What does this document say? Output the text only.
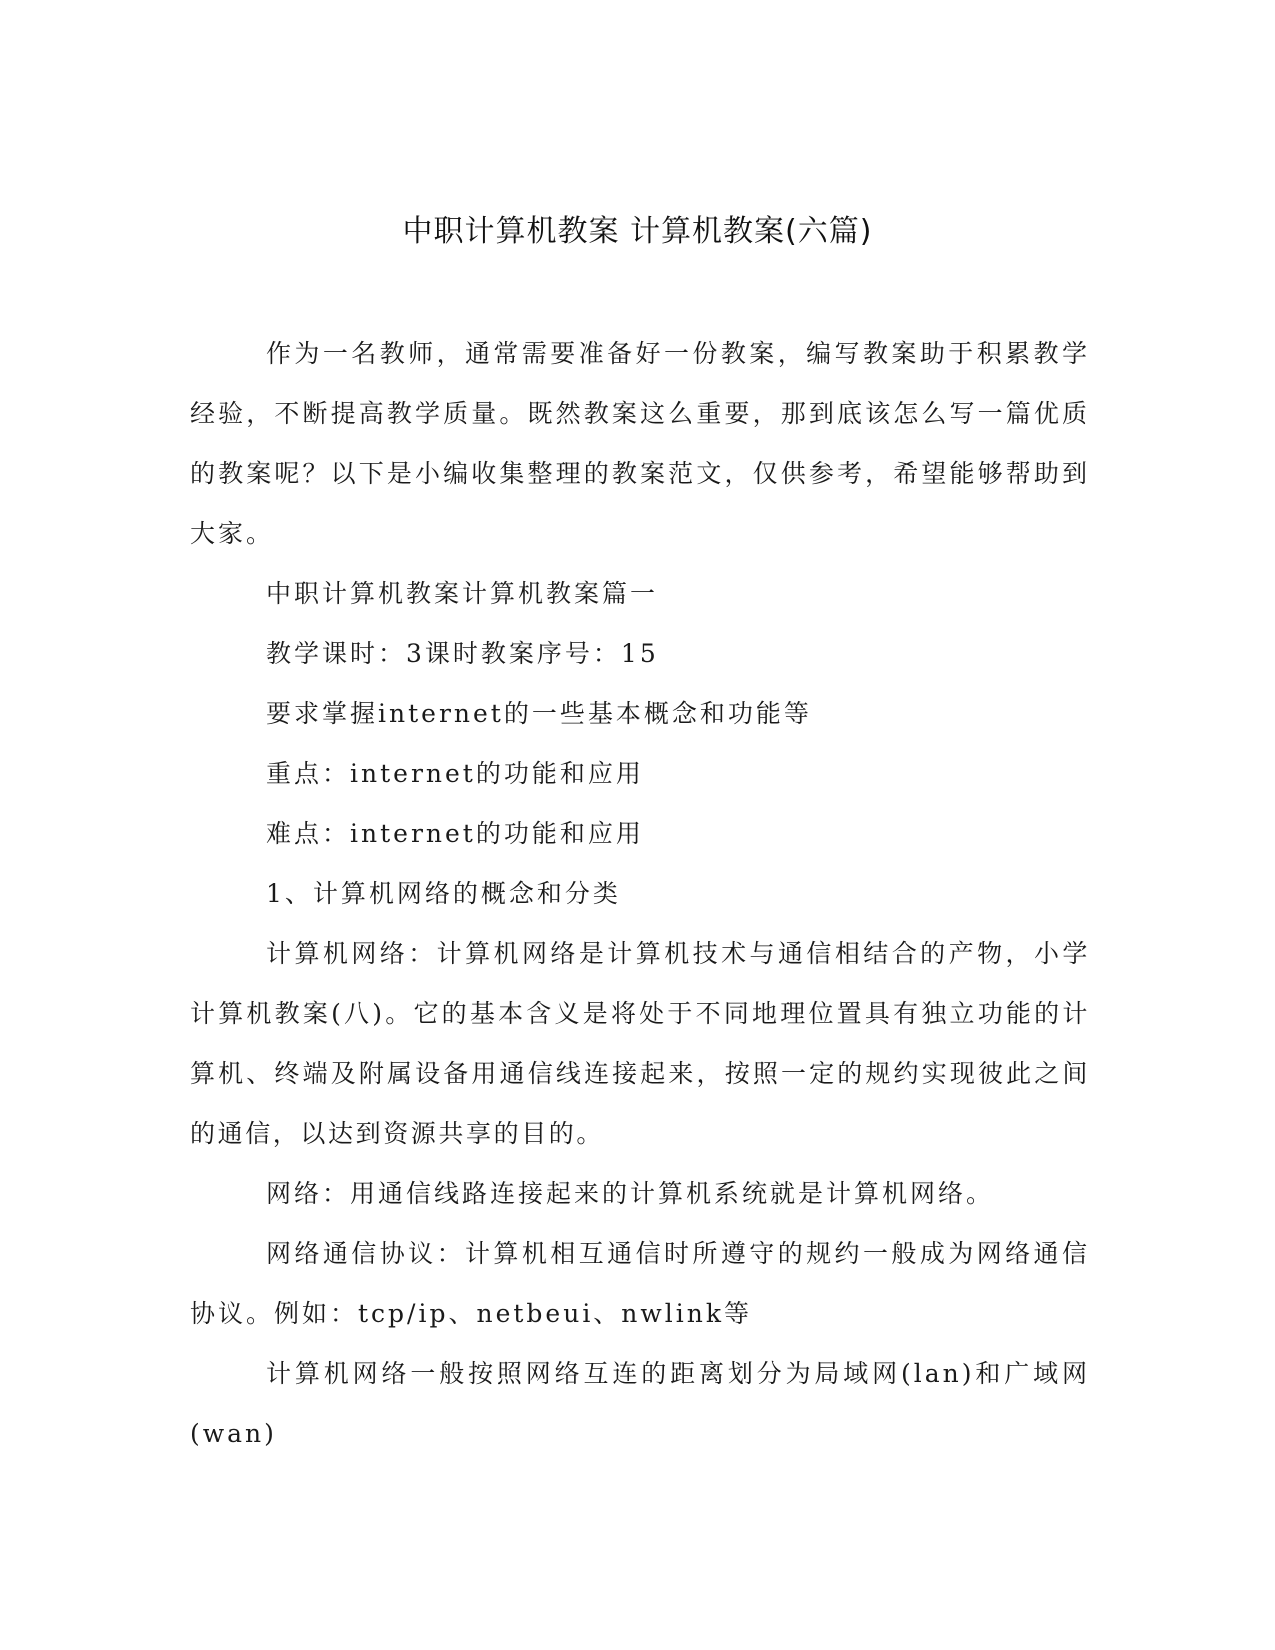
中职计算机教案 计算机教案(六篇)

作为一名教师，通常需要准备好一份教案，编写教案助于积累教学经验，不断提高教学质量。既然教案这么重要，那到底该怎么写一篇优质的教案呢？以下是小编收集整理的教案范文，仅供参考，希望能够帮助到大家。

中职计算机教案计算机教案篇一

教学课时：3课时教案序号：15

要求掌握internet的一些基本概念和功能等

重点：internet的功能和应用

难点：internet的功能和应用

1、计算机网络的概念和分类

计算机网络：计算机网络是计算机技术与通信相结合的产物，小学计算机教案(八)。它的基本含义是将处于不同地理位置具有独立功能的计算机、终端及附属设备用通信线连接起来，按照一定的规约实现彼此之间的通信，以达到资源共享的目的。

网络：用通信线路连接起来的计算机系统就是计算机网络。

网络通信协议：计算机相互通信时所遵守的规约一般成为网络通信协议。例如：tcp/ip、netbeui、nwlink等

计算机网络一般按照网络互连的距离划分为局域网(lan)和广域网(wan)
